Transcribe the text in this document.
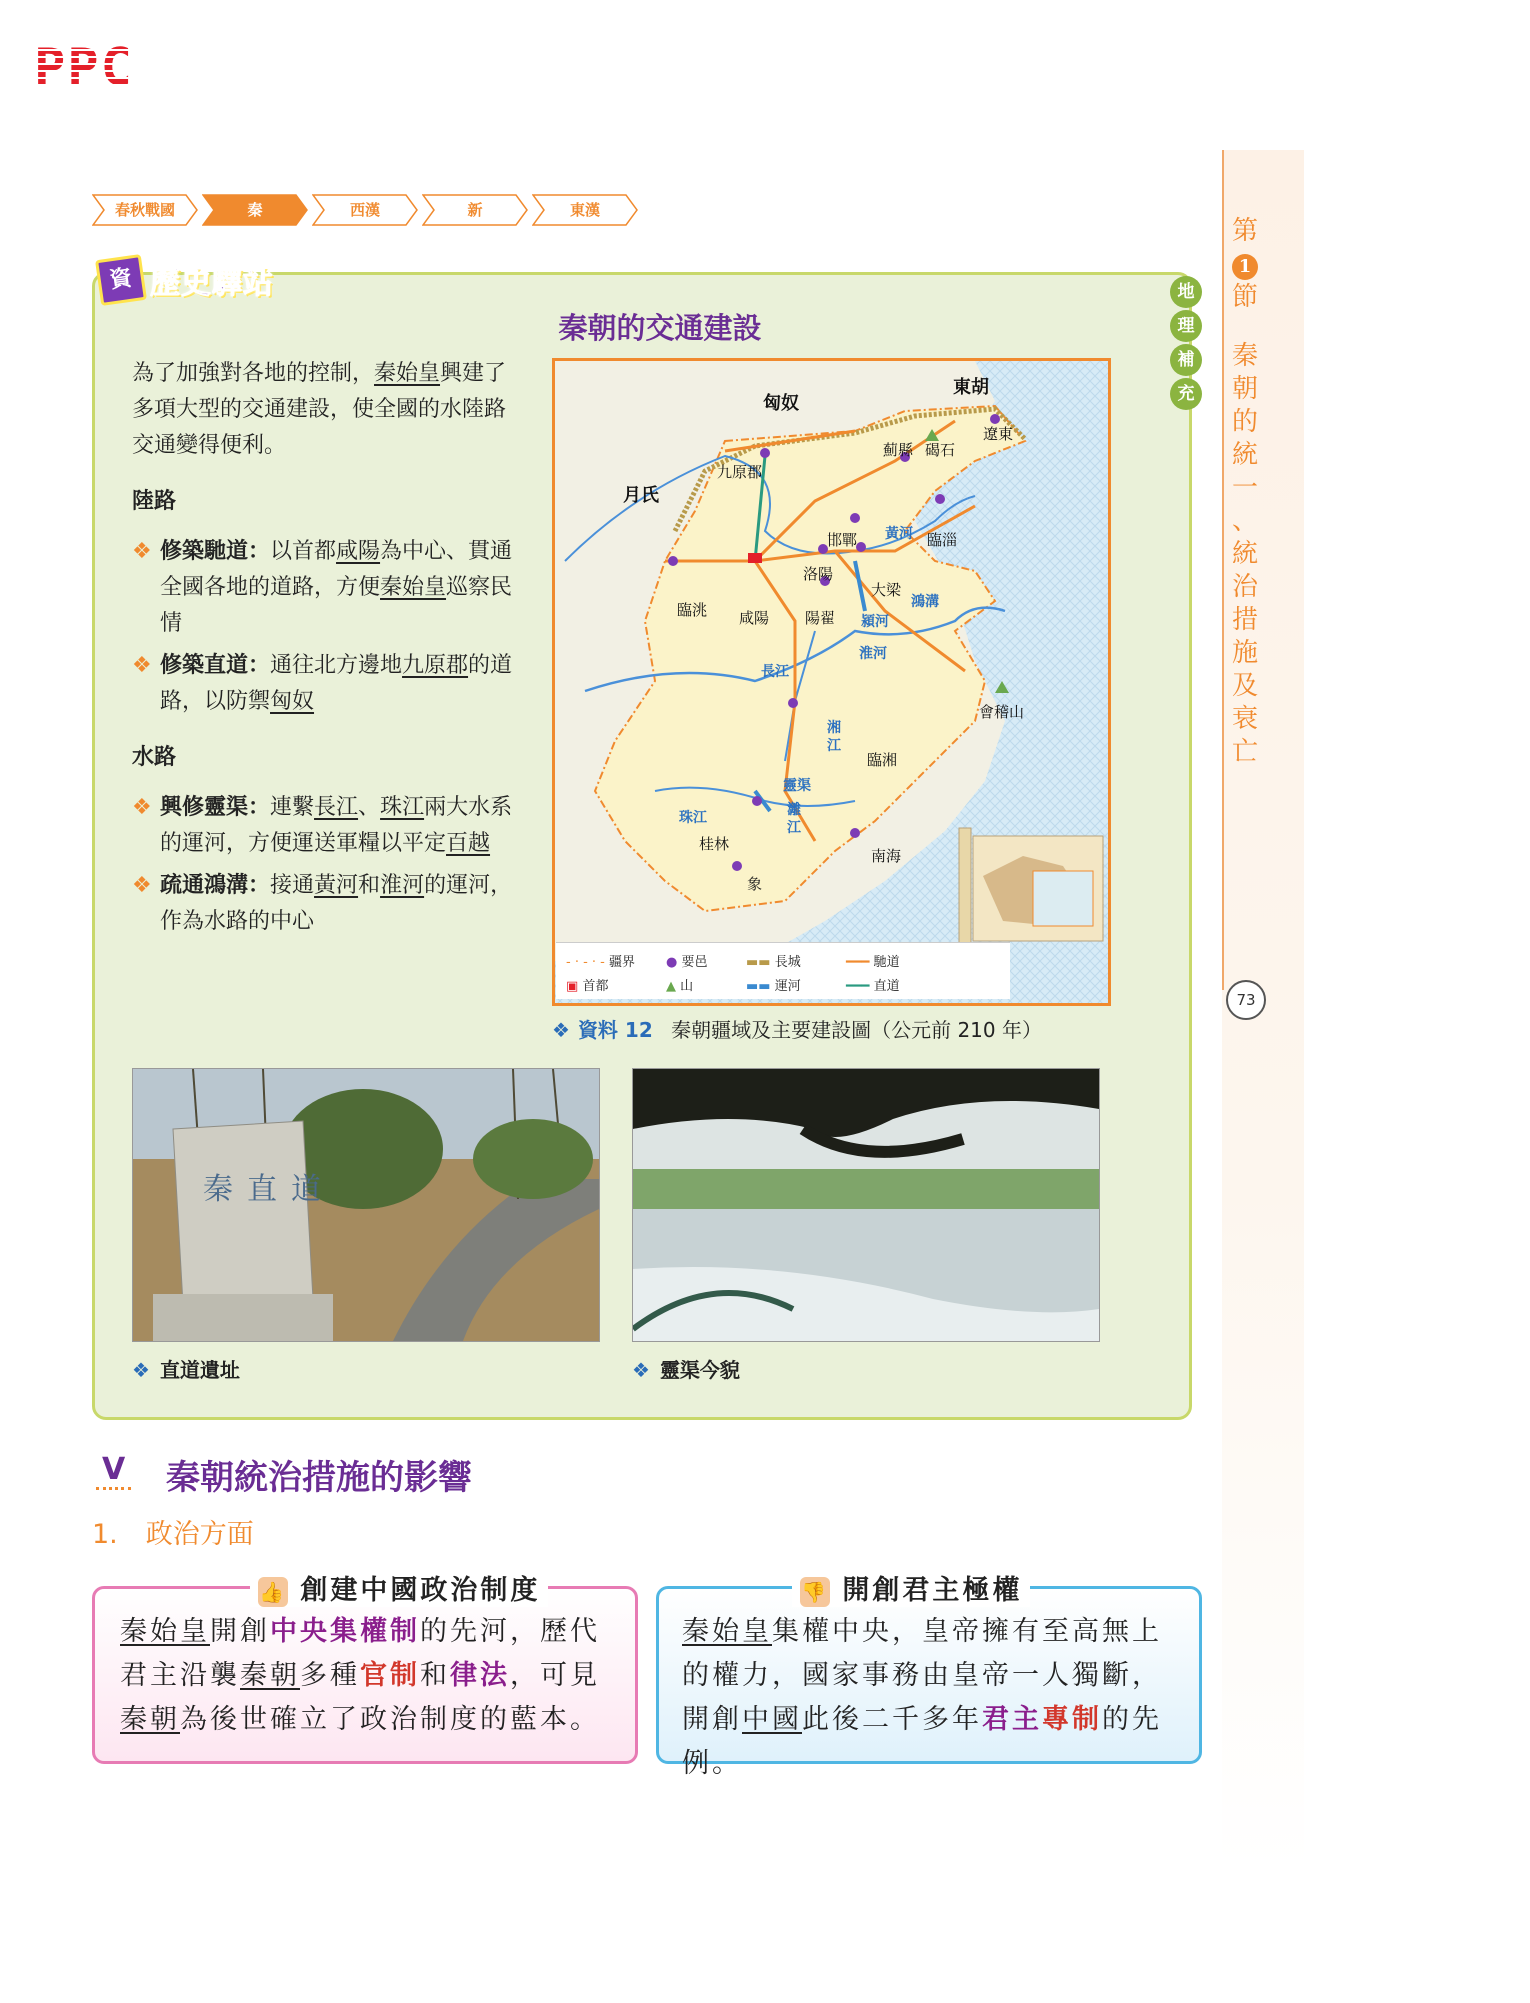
PPC
第
1
節
秦
朝
的
統
一
、
統
治
措
施
及
衰
亡
73
春秋戰國	秦	西漢	新	東漢
資 歷史驛站	地
理
補
充
秦朝的交通建設
為了加強對各地的控制，秦始皇興建了多項大型的交通建設，使全國的水陸路交通變得便利。
陸路
❖ 修築馳道：以首都咸陽為中心、貫通全國各地的道路，方便秦始皇巡察民情
❖ 修築直道：通往北方邊地九原郡的道路，以防禦匈奴
水路
❖ 興修靈渠：連繫長江、珠江兩大水系的運河，方便運送軍糧以平定百越
❖ 疏通鴻溝：接通黃河和淮河的運河，作為水路的中心
匈奴
東胡
月氏
九原郡
薊縣 碣石
遼東
邯鄲	臨淄
洛陽
大梁
陽翟
臨洮 咸陽
會稽山
臨湘
桂林
南海
象
黃河
鴻溝
潁河
淮河
長江
湘
江
靈渠
灕
江
珠江
- · - · - 疆界 ● 要邑	▬▬ 長城	━━━ 馳道
▣ 首都	▲ 山	▬▬ 運河	━━━ 直道
❖ 資料 12 秦朝疆域及主要建設圖（公元前 210 年）
秦直道
❖ 直道遺址	❖ 靈渠今貌
V 秦朝統治措施的影響
1. 政治方面
👍 創建中國政治制度
秦始皇開創中央集權制的先河，歷代君主沿襲秦朝多種官制和律法，可見秦朝為後世確立了政治制度的藍本。
👎 開創君主極權
秦始皇集權中央，皇帝擁有至高無上的權力，國家事務由皇帝一人獨斷，開創中國此後二千多年君主專制的先例。
